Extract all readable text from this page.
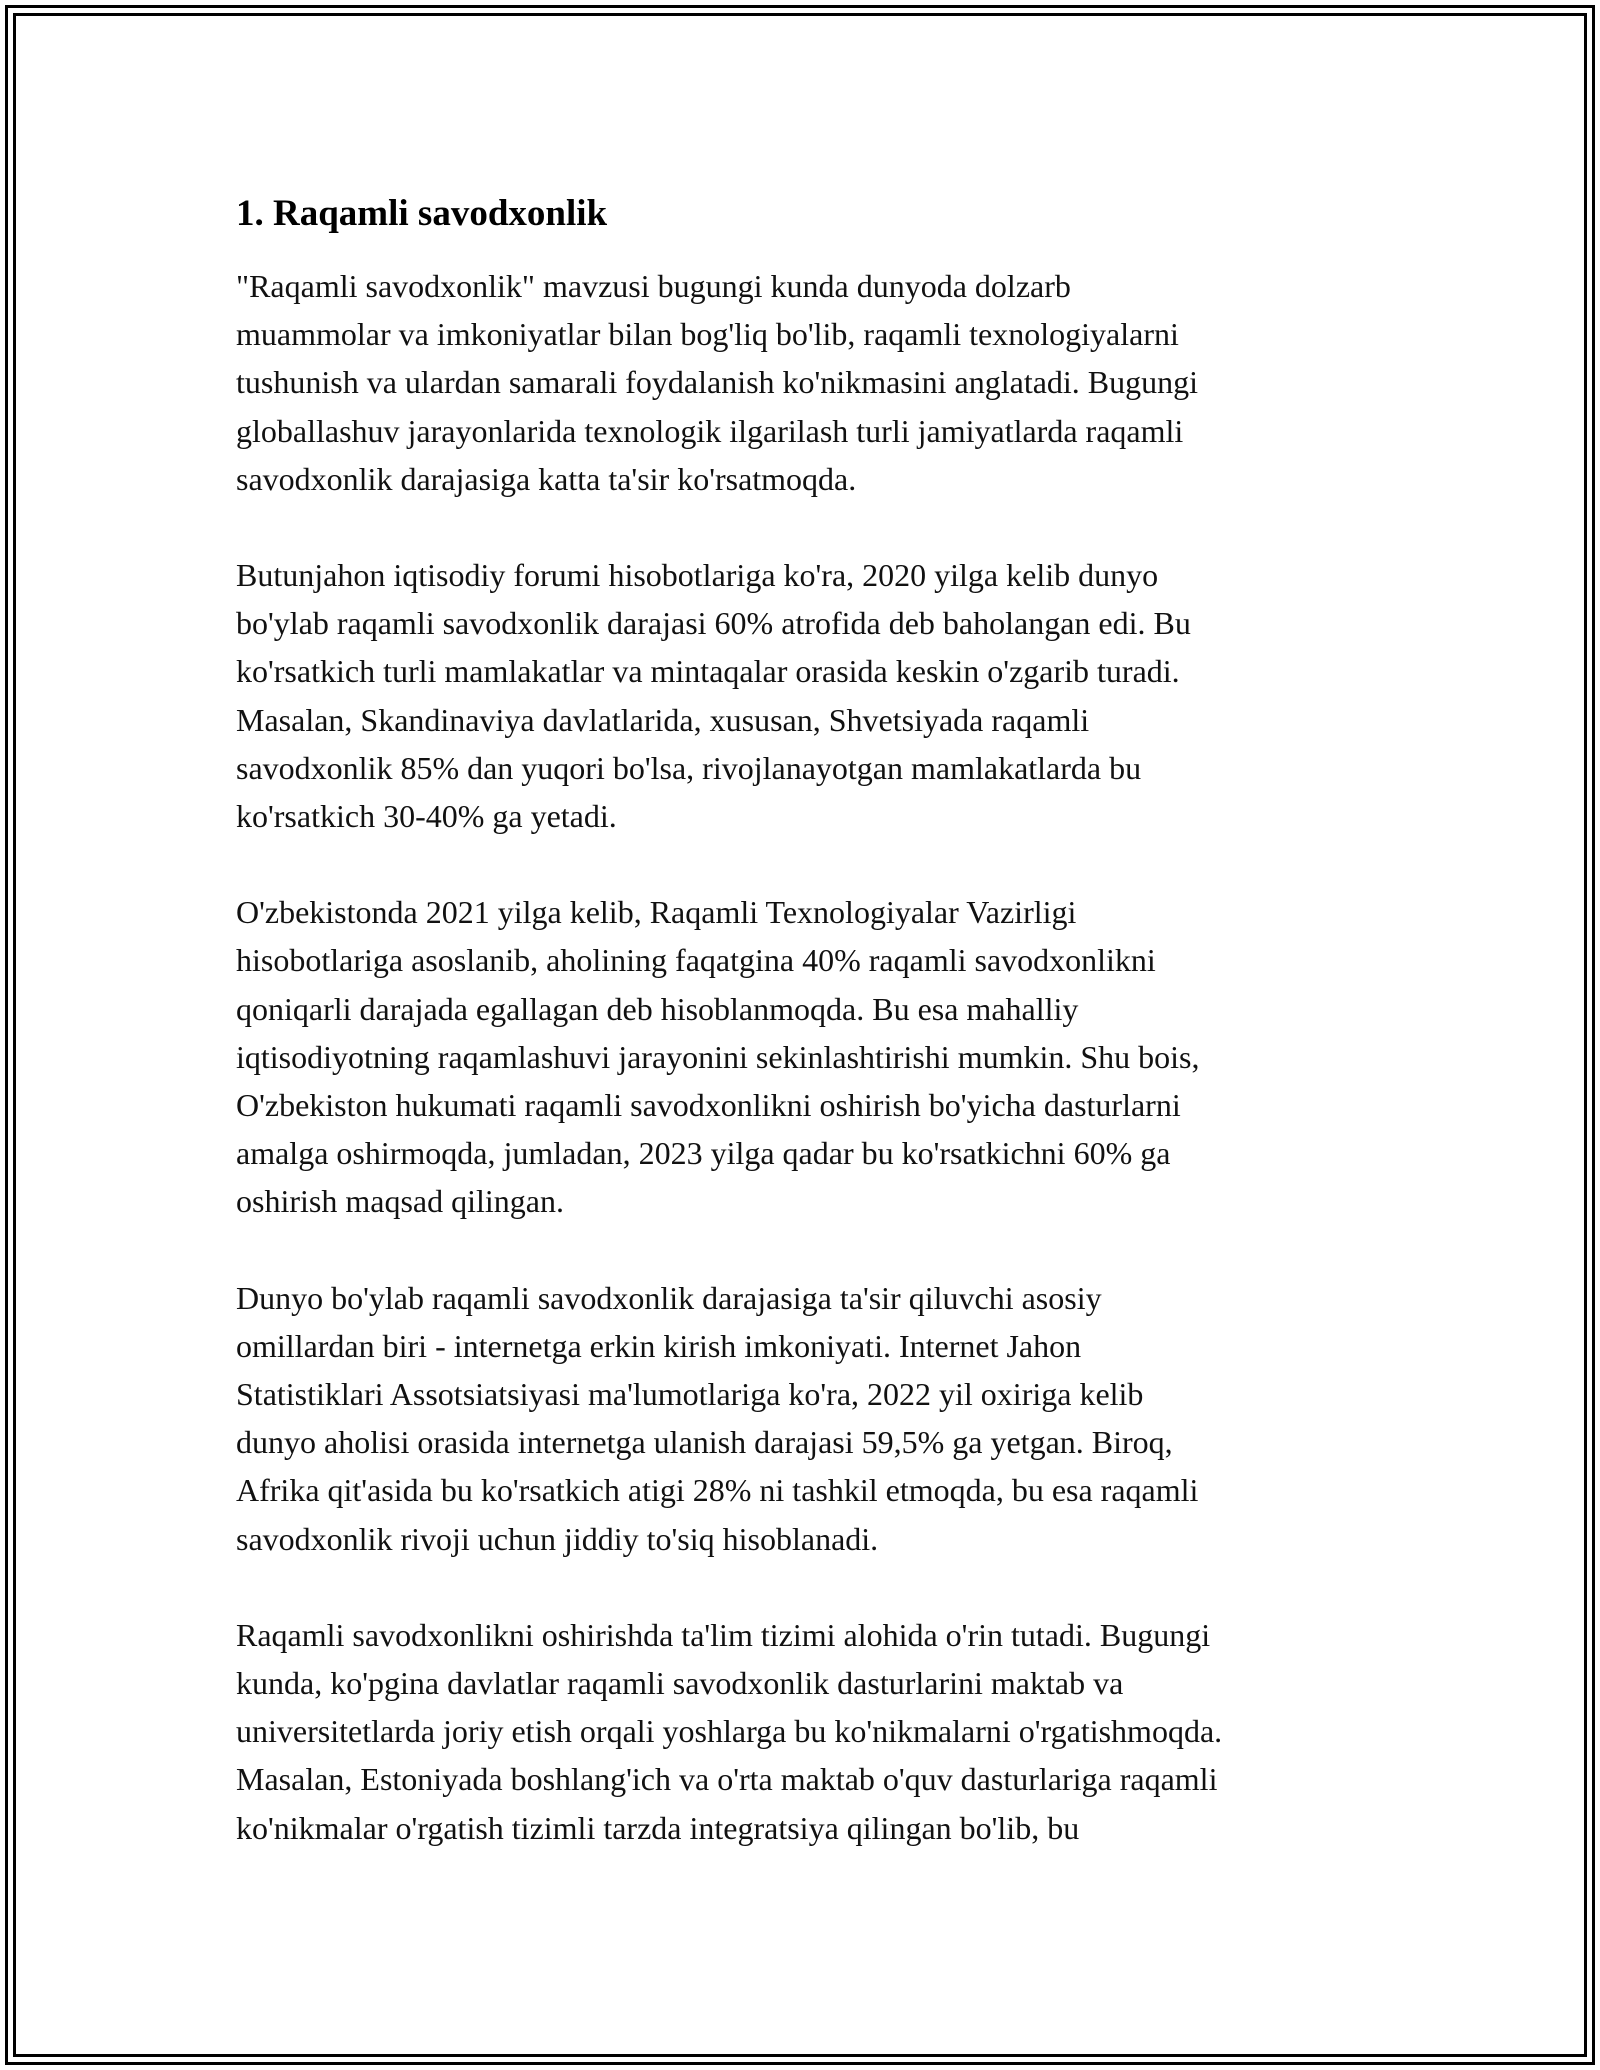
1. Raqamli savodxonlik

"Raqamli savodxonlik" mavzusi bugungi kunda dunyoda dolzarb
muammolar va imkoniyatlar bilan bog'liq bo'lib, raqamli texnologiyalarni
tushunish va ulardan samarali foydalanish ko'nikmasini anglatadi. Bugungi
globallashuv jarayonlarida texnologik ilgarilash turli jamiyatlarda raqamli
savodxonlik darajasiga katta ta'sir ko'rsatmoqda.

Butunjahon iqtisodiy forumi hisobotlariga ko'ra, 2020 yilga kelib dunyo
bo'ylab raqamli savodxonlik darajasi 60% atrofida deb baholangan edi. Bu
ko'rsatkich turli mamlakatlar va mintaqalar orasida keskin o'zgarib turadi.
Masalan, Skandinaviya davlatlarida, xususan, Shvetsiyada raqamli
savodxonlik 85% dan yuqori bo'lsa, rivojlanayotgan mamlakatlarda bu
ko'rsatkich 30-40% ga yetadi.

O'zbekistonda 2021 yilga kelib, Raqamli Texnologiyalar Vazirligi
hisobotlariga asoslanib, aholining faqatgina 40% raqamli savodxonlikni
qoniqarli darajada egallagan deb hisoblanmoqda. Bu esa mahalliy
iqtisodiyotning raqamlashuvi jarayonini sekinlashtirishi mumkin. Shu bois,
O'zbekiston hukumati raqamli savodxonlikni oshirish bo'yicha dasturlarni
amalga oshirmoqda, jumladan, 2023 yilga qadar bu ko'rsatkichni 60% ga
oshirish maqsad qilingan.

Dunyo bo'ylab raqamli savodxonlik darajasiga ta'sir qiluvchi asosiy
omillardan biri - internetga erkin kirish imkoniyati. Internet Jahon
Statistiklari Assotsiatsiyasi ma'lumotlariga ko'ra, 2022 yil oxiriga kelib
dunyo aholisi orasida internetga ulanish darajasi 59,5% ga yetgan. Biroq,
Afrika qit'asida bu ko'rsatkich atigi 28% ni tashkil etmoqda, bu esa raqamli
savodxonlik rivoji uchun jiddiy to'siq hisoblanadi.

Raqamli savodxonlikni oshirishda ta'lim tizimi alohida o'rin tutadi. Bugungi
kunda, ko'pgina davlatlar raqamli savodxonlik dasturlarini maktab va
universitetlarda joriy etish orqali yoshlarga bu ko'nikmalarni o'rgatishmoqda.
Masalan, Estoniyada boshlang'ich va o'rta maktab o'quv dasturlariga raqamli
ko'nikmalar o'rgatish tizimli tarzda integratsiya qilingan bo'lib, bu
